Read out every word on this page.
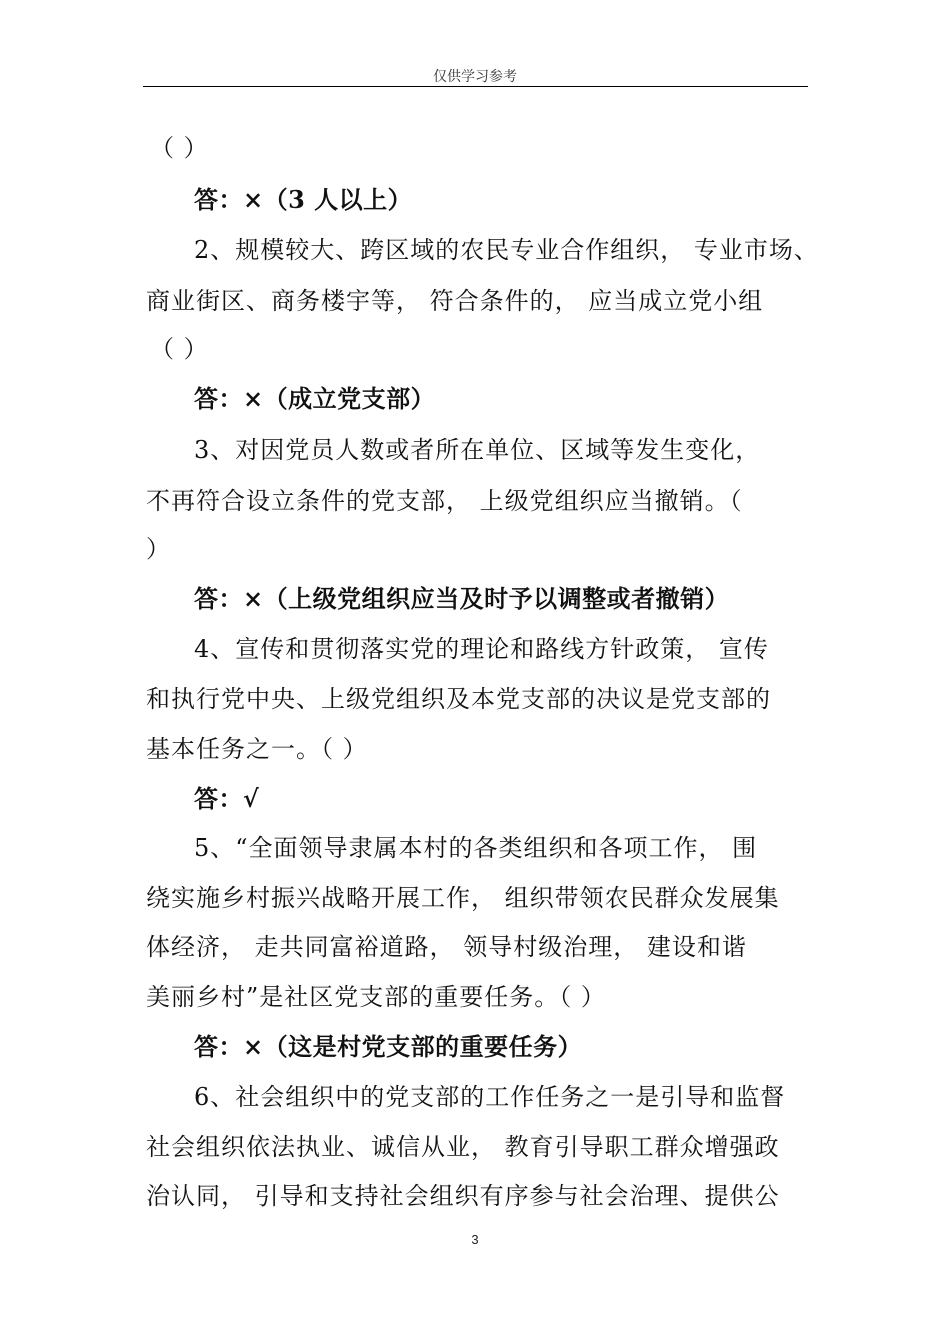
仅供学习参考
（ ）
答：×（3 人以上）
2、规模较大、跨区域的农民专业合作组织， 专业市场、
商业街区、商务楼宇等， 符合条件的， 应当成立党小组
（ ）
答：×（成立党支部）
3、对因党员人数或者所在单位、区域等发生变化，
不再符合设立条件的党支部， 上级党组织应当撤销。（
）
答：×（上级党组织应当及时予以调整或者撤销）
4、宣传和贯彻落实党的理论和路线方针政策， 宣传
和执行党中央、上级党组织及本党支部的决议是党支部的
基本任务之一。（ ）
答：√
5、“全面领导隶属本村的各类组织和各项工作， 围
绕实施乡村振兴战略开展工作， 组织带领农民群众发展集
体经济， 走共同富裕道路， 领导村级治理， 建设和谐
美丽乡村”是社区党支部的重要任务。（ ）
答：×（这是村党支部的重要任务）
6、社会组织中的党支部的工作任务之一是引导和监督
社会组织依法执业、诚信从业， 教育引导职工群众增强政
治认同， 引导和支持社会组织有序参与社会治理、提供公
3
